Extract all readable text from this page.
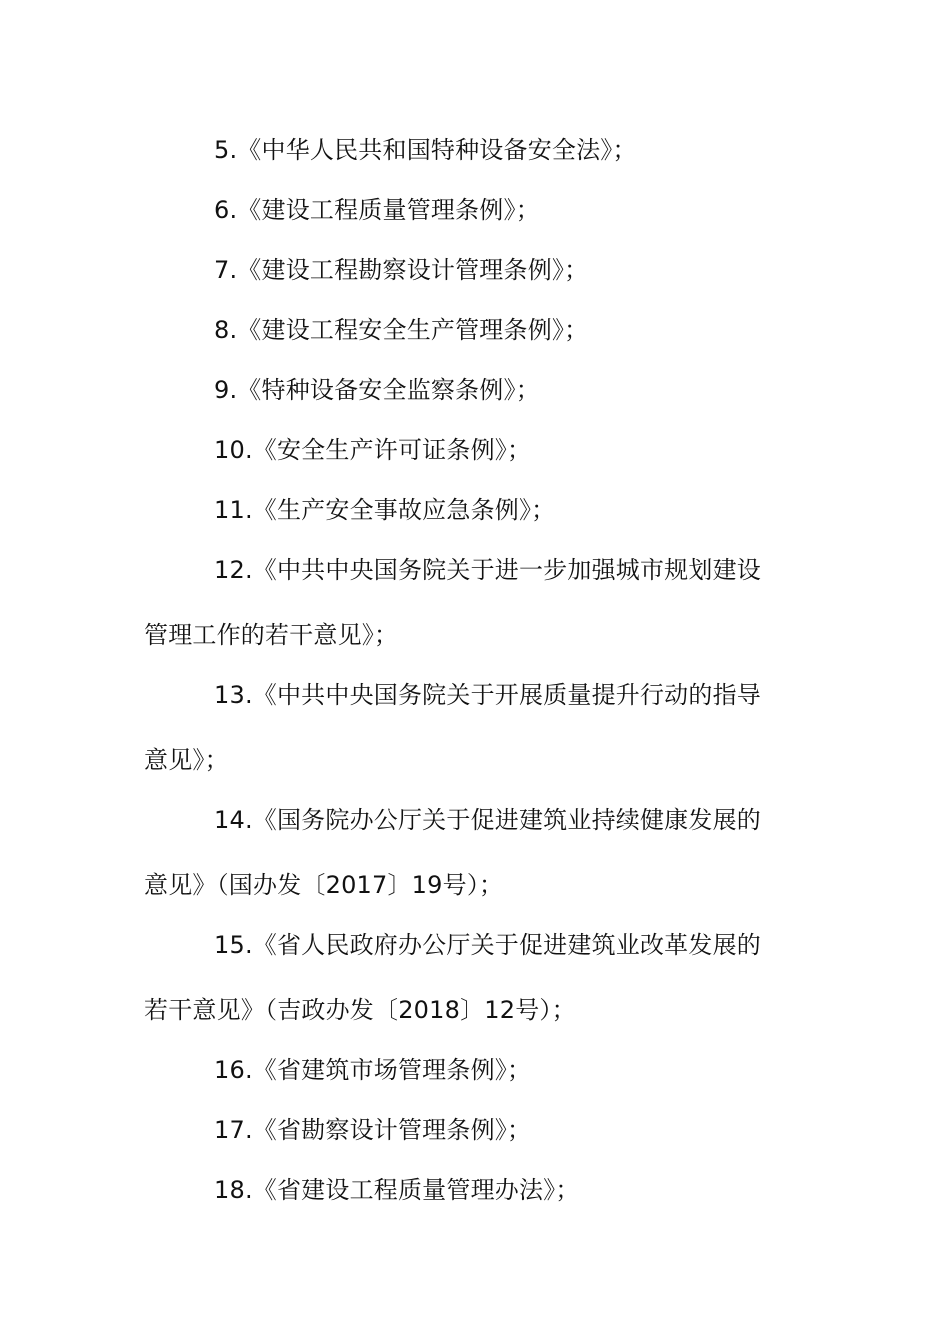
5.《中华人民共和国特种设备安全法》；
6.《建设工程质量管理条例》；
7.《建设工程勘察设计管理条例》；
8.《建设工程安全生产管理条例》；
9.《特种设备安全监察条例》；
10.《安全生产许可证条例》；
11.《生产安全事故应急条例》；
12.《中共中央国务院关于进一步加强城市规划建设
管理工作的若干意见》；
13.《中共中央国务院关于开展质量提升行动的指导
意见》；
14.《国务院办公厅关于促进建筑业持续健康发展的
意见》（国办发〔2017〕19号）；
15.《省人民政府办公厅关于促进建筑业改革发展的
若干意见》（吉政办发〔2018〕12号）；
16.《省建筑市场管理条例》；
17.《省勘察设计管理条例》；
18.《省建设工程质量管理办法》；
